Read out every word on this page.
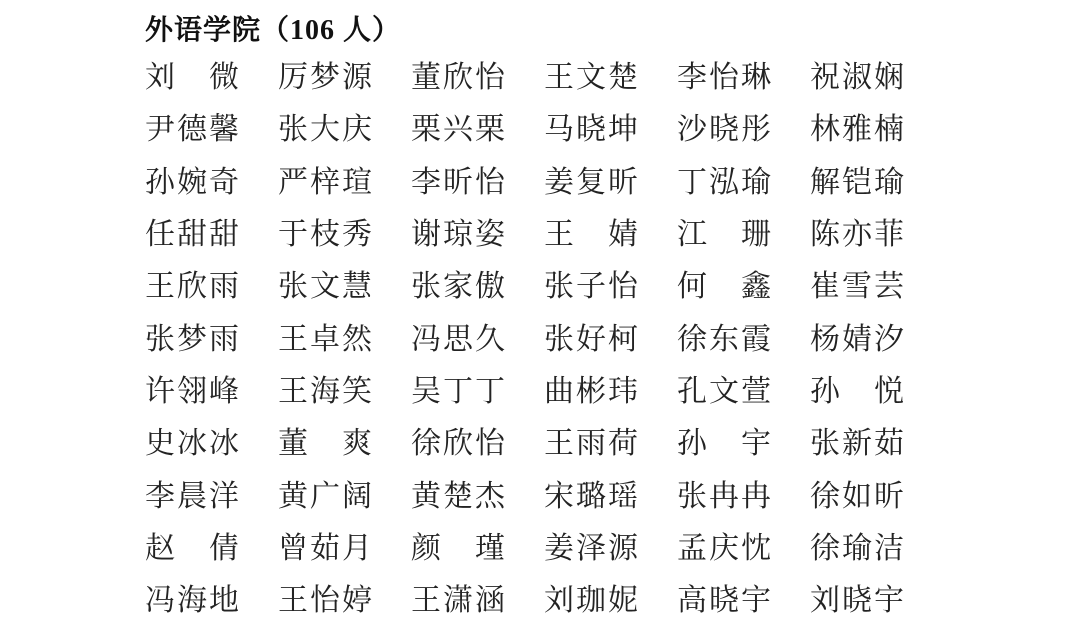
外语学院（106 人）
刘　微 厉梦源 董欣怡 王文楚 李怡琳 祝淑娴
尹德馨 张大庆 栗兴栗 马晓坤 沙晓彤 林雅楠
孙婉奇 严梓瑄 李昕怡 姜复昕 丁泓瑜 解铠瑜
任甜甜 于枝秀 谢琼姿 王　婧 江　珊 陈亦菲
王欣雨 张文慧 张家傲 张子怡 何　鑫 崔雪芸
张梦雨 王卓然 冯思久 张好柯 徐东霞 杨婧汐
许翎峰 王海笑 吴丁丁 曲彬玮 孔文萱 孙　悦
史冰冰 董　爽 徐欣怡 王雨荷 孙　宇 张新茹
李晨洋 黄广阔 黄楚杰 宋璐瑶 张冉冉 徐如昕
赵　倩 曾茹月 颜　瑾 姜泽源 孟庆忱 徐瑜洁
冯海地 王怡婷 王潇涵 刘珈妮 高晓宇 刘晓宇
